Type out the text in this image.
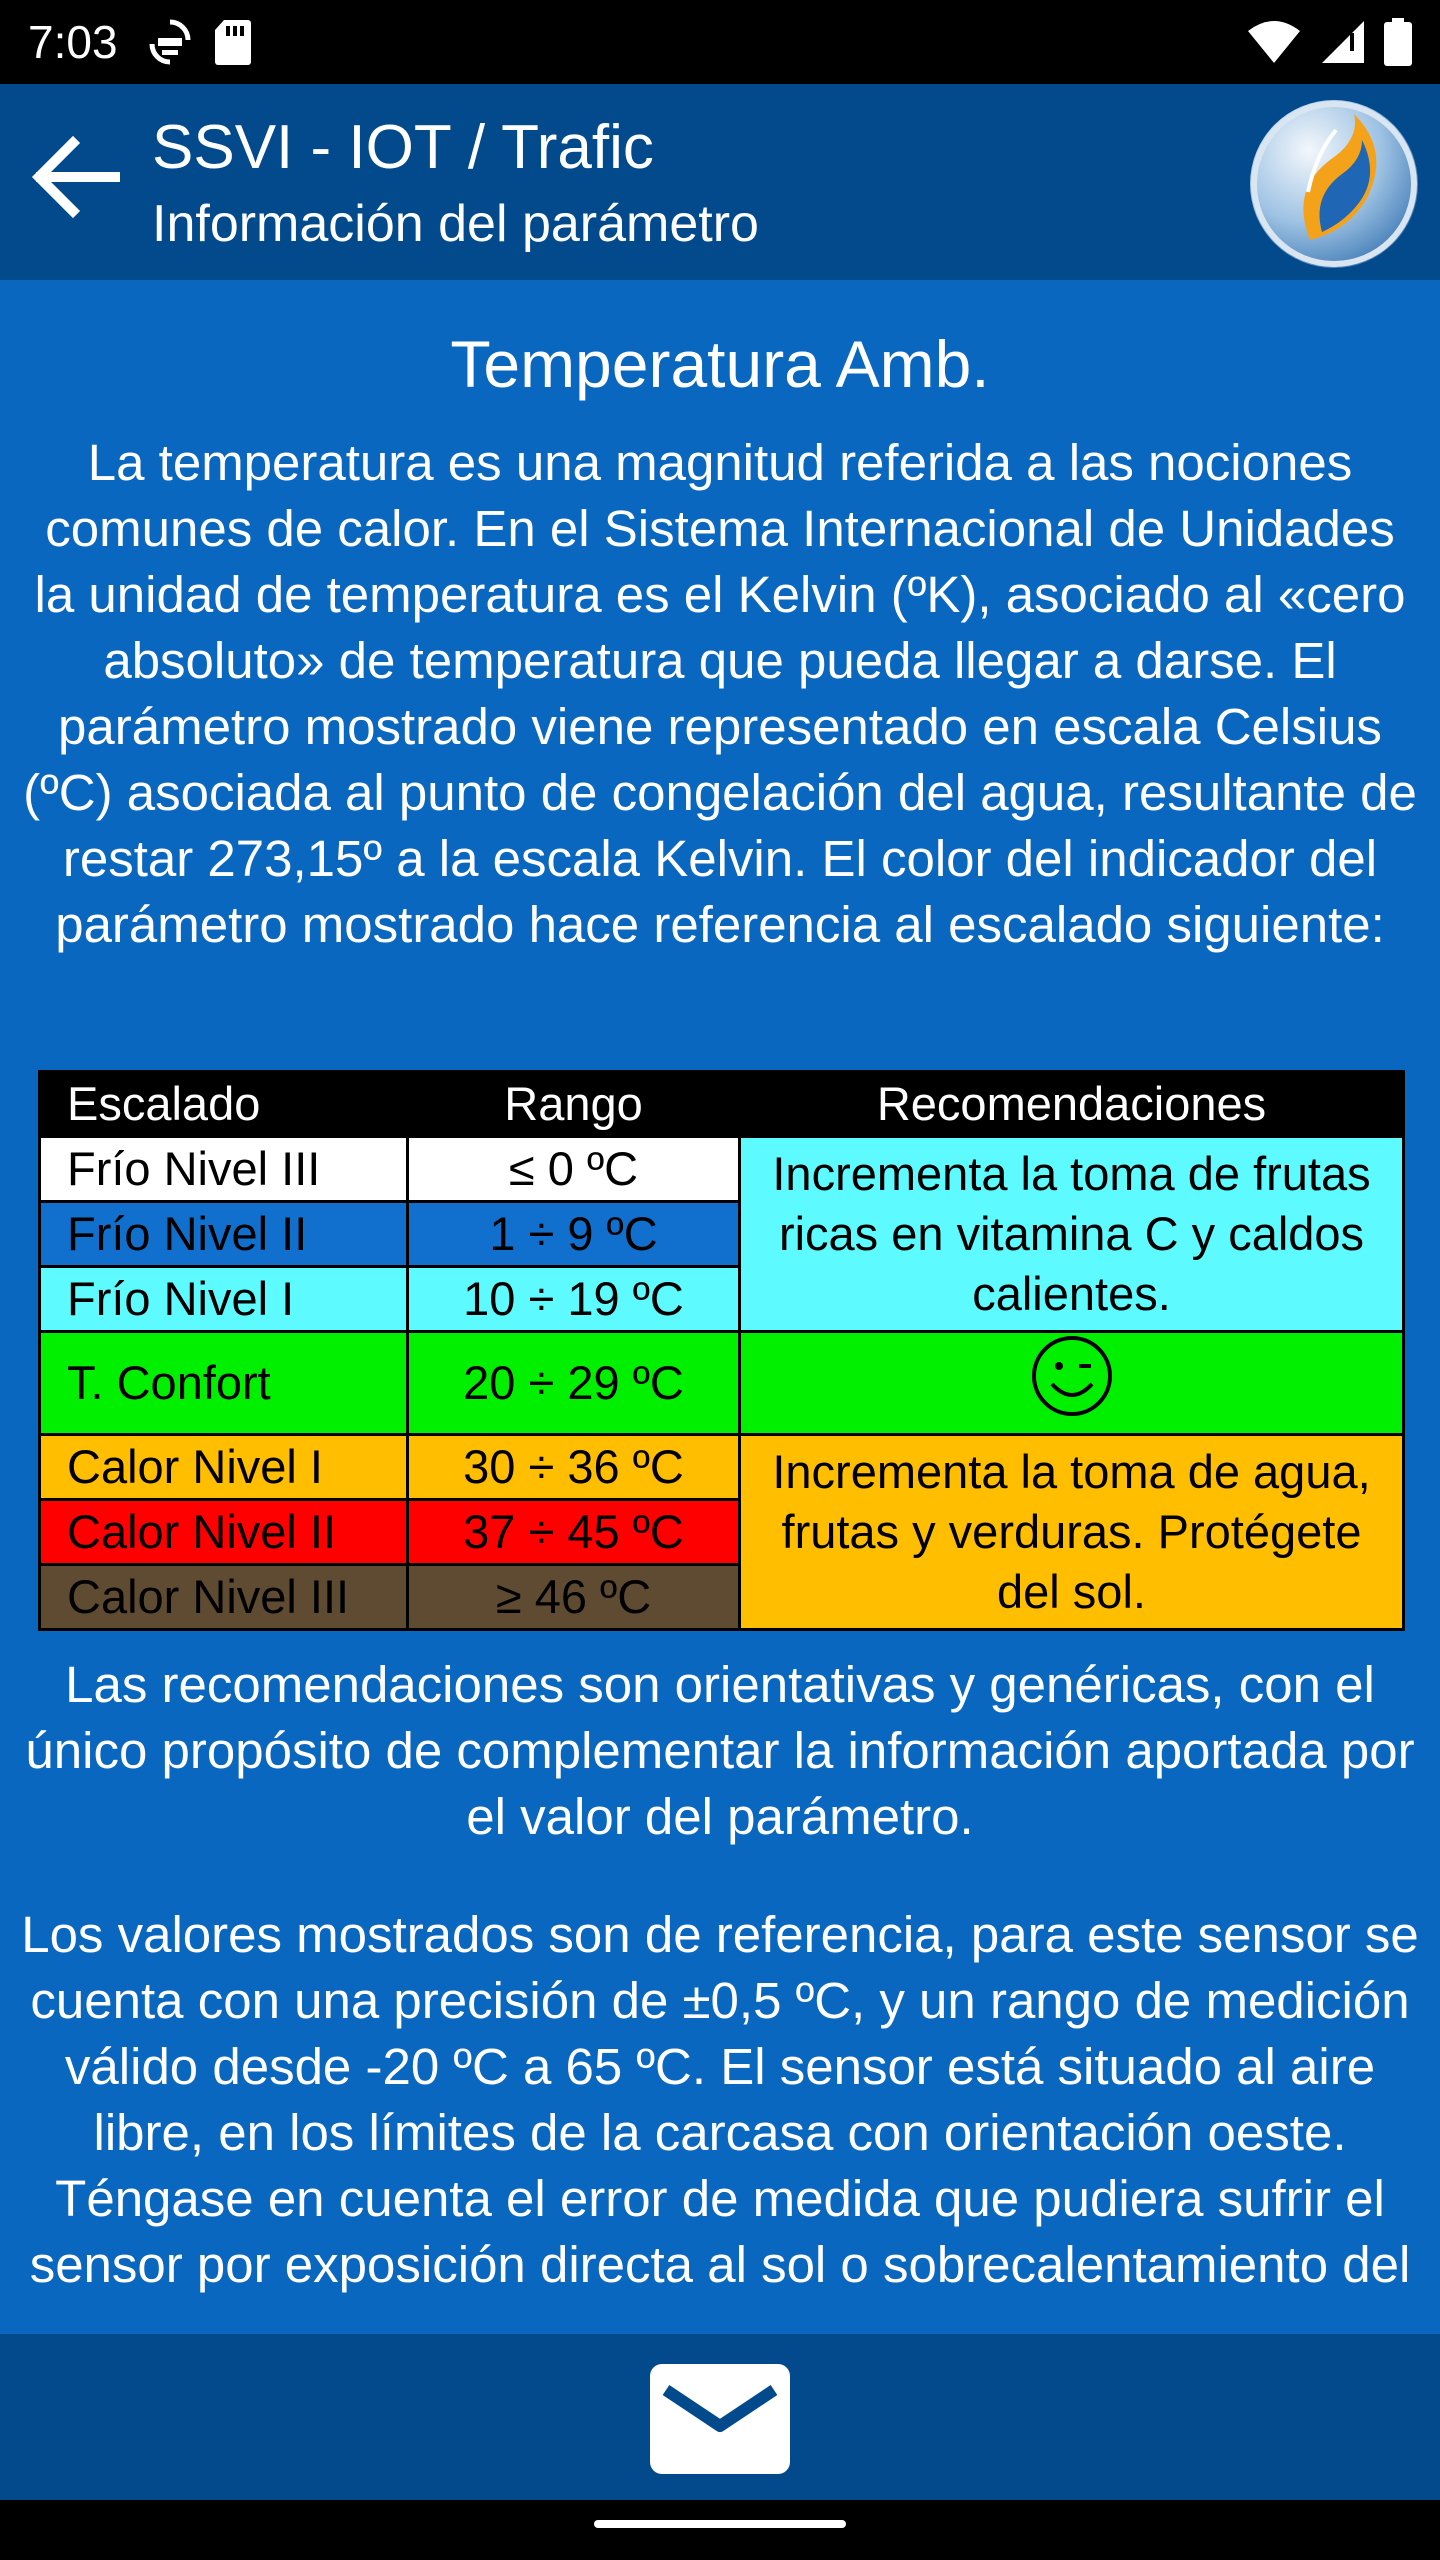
7:03
SSVI - IOT / Trafic
Información del parámetro
Temperatura Amb.

La temperatura es una magnitud referida a las nociones comunes de calor. En el Sistema Internacional de Unidades la unidad de temperatura es el Kelvin (ºK), asociado al «cero absoluto» de temperatura que pueda llegar a darse. El parámetro mostrado viene representado en escala Celsius (ºC) asociada al punto de congelación del agua, resultante de restar 273,15º a la escala Kelvin. El color del indicador del parámetro mostrado hace referencia al escalado siguiente:

Escalado	Rango	Recomendaciones
Frío Nivel III	≤ 0 ºC	Incrementa la toma de frutas ricas en vitamina C y caldos calientes.
Frío Nivel II	1 ÷ 9 ºC	
Frío Nivel I	10 ÷ 19 ºC	
T. Confort	20 ÷ 29 ºC	

Calor Nivel I	30 ÷ 36 ºC	Incrementa la toma de agua, frutas y verduras. Protégete del sol.
Calor Nivel II	37 ÷ 45 ºC	
Calor Nivel III	≥ 46 ºC	

Las recomendaciones son orientativas y genéricas, con el único propósito de complementar la información aportada por el valor del parámetro.

Los valores mostrados son de referencia, para este sensor se cuenta con una precisión de ±0,5 ºC, y un rango de medición válido desde -20 ºC a 65 ºC. El sensor está situado al aire libre, en los límites de la carcasa con orientación oeste. Téngase en cuenta el error de medida que pudiera sufrir el sensor por exposición directa al sol o sobrecalentamiento del
